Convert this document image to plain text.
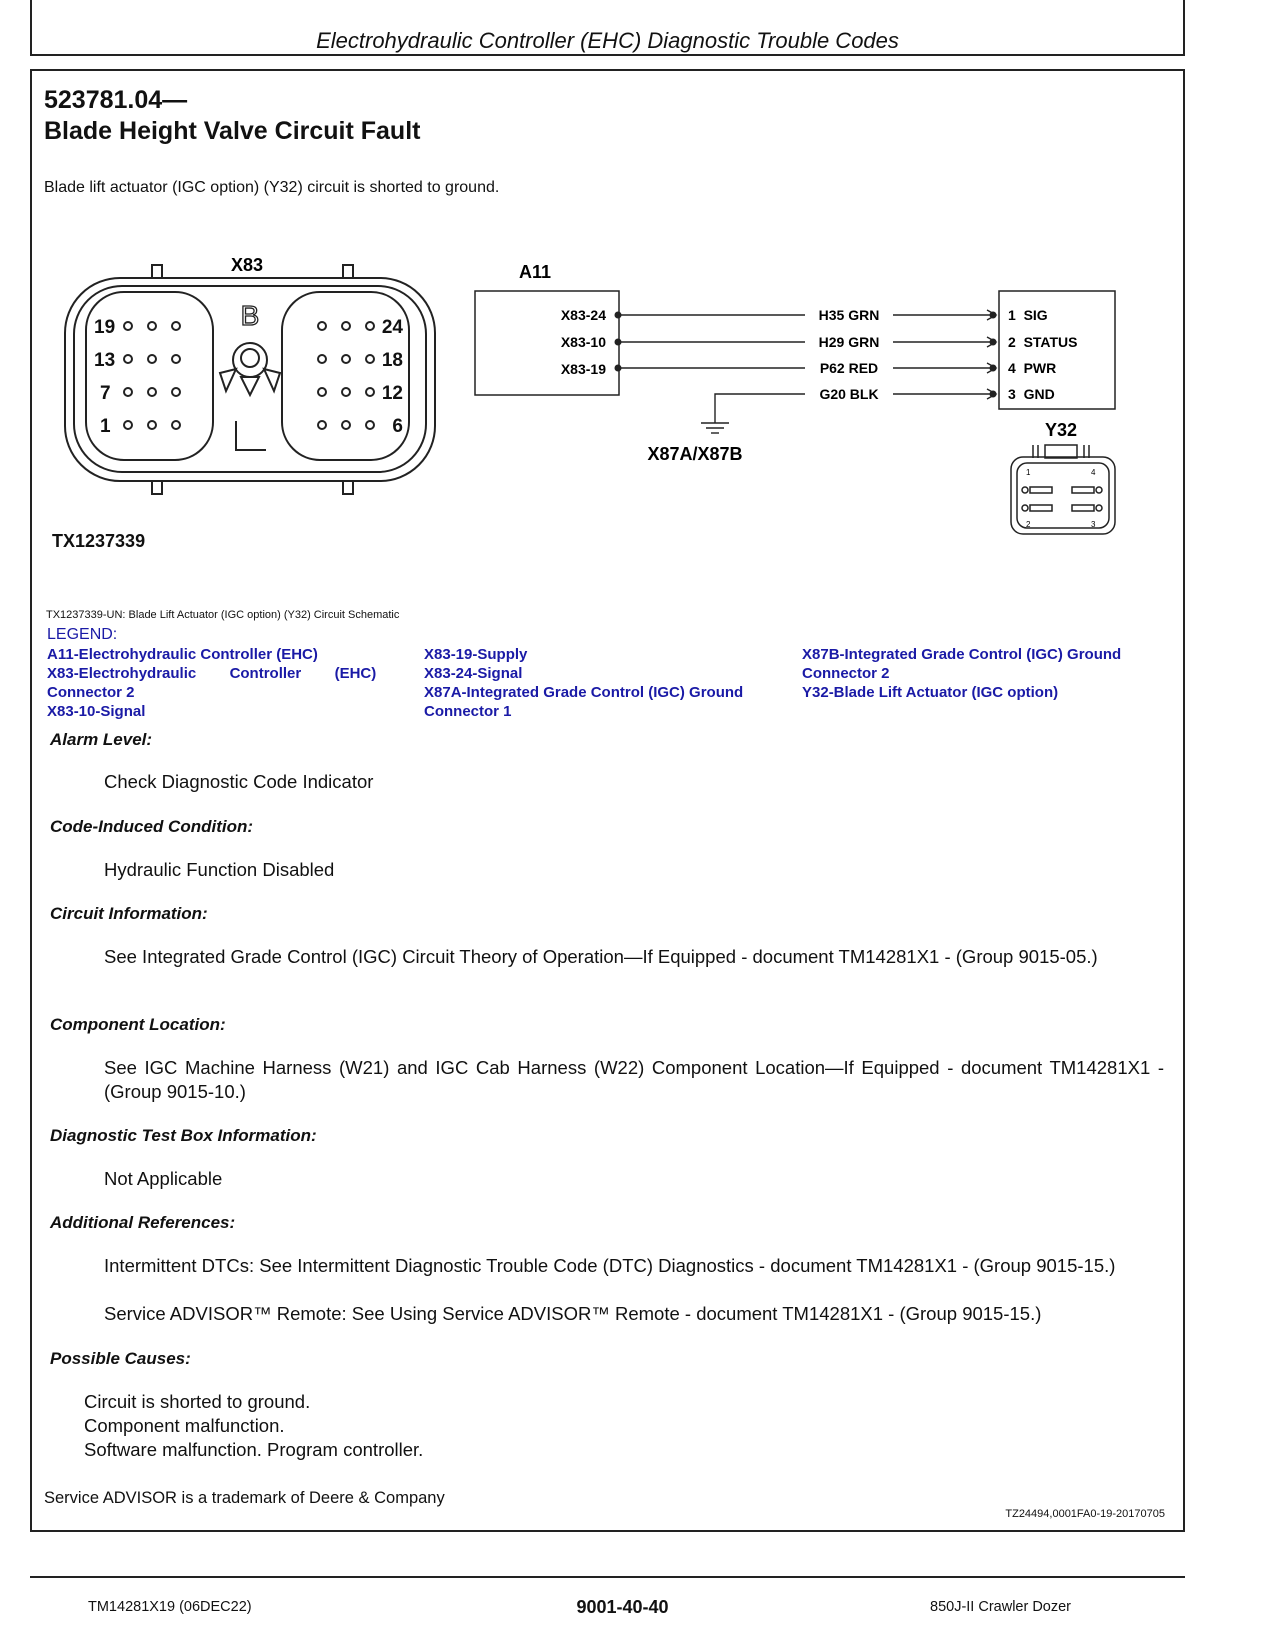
Electrohydraulic Controller (EHC) Diagnostic Trouble Codes
523781.04—
Blade Height Valve Circuit Fault
Blade lift actuator (IGC option) (Y32) circuit is shorted to ground.
X83
B
19
13
7
1
24
18
12
6
TX1237339
A11
X83-24
X83-10
X83-19
H35 GRN
H29 GRN
P62 RED
G20 BLK
1  SIG
2  STATUS
4  PWR
3  GND
X87A/X87B
Y32
1	4
2	3
TX1237339-UN: Blade Lift Actuator (IGC option) (Y32) Circuit Schematic
LEGEND:
A11-Electrohydraulic Controller (EHC)
X83-Electrohydraulic        Controller        (EHC)
Connector 2
X83-10-Signal
X83-19-Supply
X83-24-Signal
X87A-Integrated Grade Control (IGC) Ground
Connector 1
X87B-Integrated Grade Control (IGC) Ground
Connector 2
Y32-Blade Lift Actuator (IGC option)
Alarm Level:
Check Diagnostic Code Indicator
Code-Induced Condition:
Hydraulic Function Disabled
Circuit Information:
See Integrated Grade Control (IGC) Circuit Theory of Operation—If Equipped - document TM14281X1 - (Group 9015-05.)
Component Location:
See IGC Machine Harness (W21) and IGC Cab Harness (W22) Component Location—If Equipped - document TM14281X1 - (Group 9015-10.)
Diagnostic Test Box Information:
Not Applicable
Additional References:
Intermittent DTCs: See Intermittent Diagnostic Trouble Code (DTC) Diagnostics - document TM14281X1 - (Group 9015-15.)
Service ADVISOR™ Remote: See Using Service ADVISOR™ Remote - document TM14281X1 - (Group 9015-15.)
Possible Causes:
Circuit is shorted to ground.
Component malfunction.
Software malfunction. Program controller.
Service ADVISOR is a trademark of Deere & Company
TZ24494,0001FA0-19-20170705
TM14281X19 (06DEC22)	9001-40-40	850J-II Crawler Dozer
